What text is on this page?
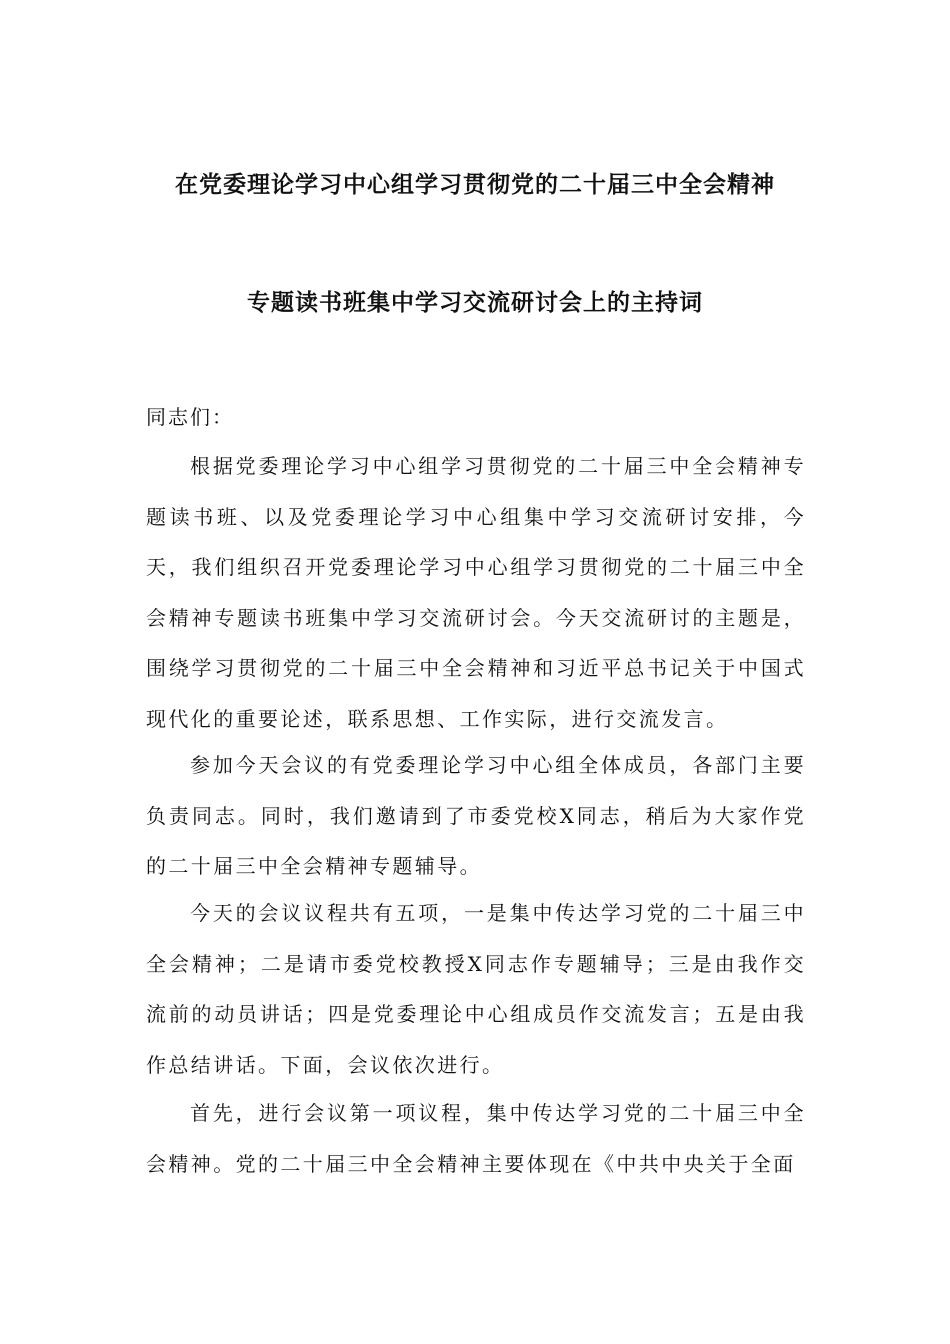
在党委理论学习中心组学习贯彻党的二十届三中全会精神
专题读书班集中学习交流研讨会上的主持词
同志们：

根据党委理论学习中心组学习贯彻党的二十届三中全会精神专题读书班、以及党委理论学习中心组集中学习交流研讨安排，今天，我们组织召开党委理论学习中心组学习贯彻党的二十届三中全会精神专题读书班集中学习交流研讨会。今天交流研讨的主题是，围绕学习贯彻党的二十届三中全会精神和习近平总书记关于中国式现代化的重要论述，联系思想、工作实际，进行交流发言。

参加今天会议的有党委理论学习中心组全体成员，各部门主要负责同志。同时，我们邀请到了市委党校X同志，稍后为大家作党的二十届三中全会精神专题辅导。

今天的会议议程共有五项，一是集中传达学习党的二十届三中全会精神；二是请市委党校教授X同志作专题辅导；三是由我作交流前的动员讲话；四是党委理论中心组成员作交流发言；五是由我作总结讲话。下面，会议依次进行。

首先，进行会议第一项议程，集中传达学习党的二十届三中全会精神。党的二十届三中全会精神主要体现在《中共中央关于全面
